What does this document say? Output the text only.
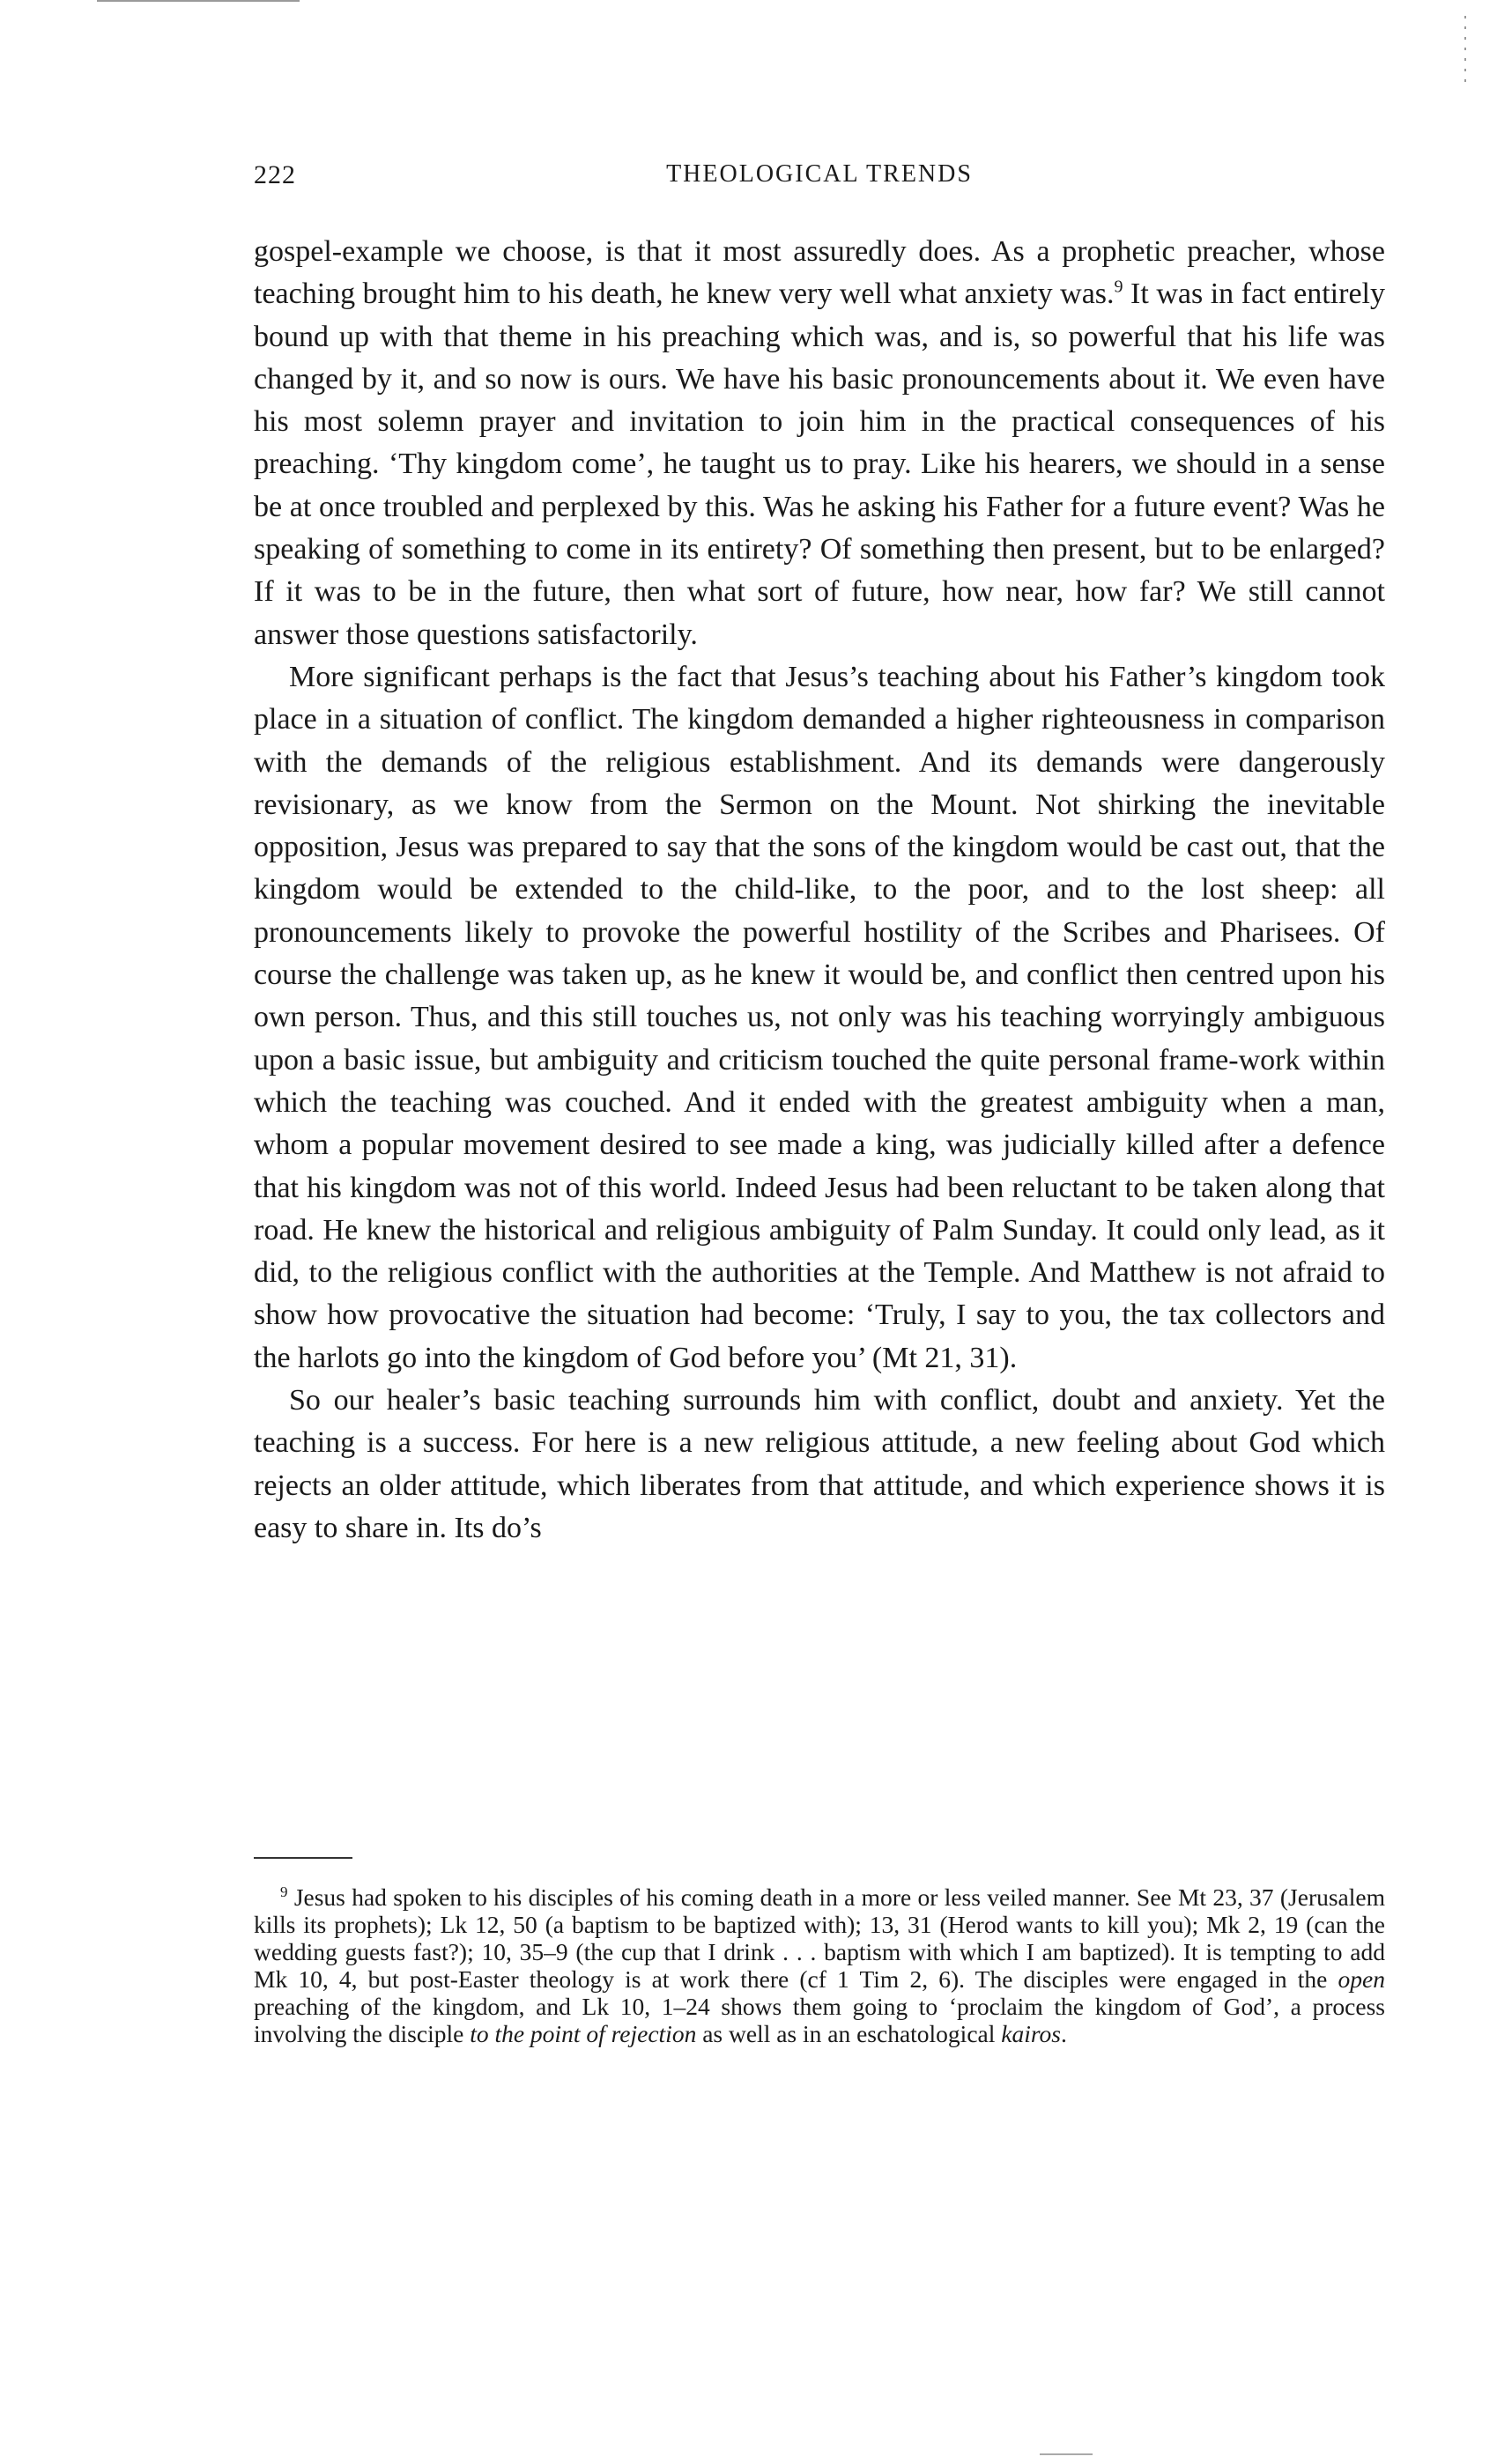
222	THEOLOGICAL TRENDS

gospel-example we choose, is that it most assuredly does. As a prophetic preacher, whose teaching brought him to his death, he knew very well what anxiety was.$^9$ It was in fact entirely bound up with that theme in his preaching which was, and is, so powerful that his life was changed by it, and so now is ours. We have his basic pronouncements about it. We even have his most solemn prayer and invitation to join him in the practical consequences of his preaching. ‘Thy kingdom come’, he taught us to pray. Like his hearers, we should in a sense be at once troubled and perplexed by this. Was he asking his Father for a future event? Was he speaking of something to come in its entirety? Of something then present, but to be enlarged? If it was to be in the future, then what sort of future, how near, how far? We still cannot answer those questions satisfactorily.

More significant perhaps is the fact that Jesus’s teaching about his Father’s kingdom took place in a situation of conflict. The kingdom demanded a higher righteousness in comparison with the demands of the religious establishment. And its demands were dangerously revisionary, as we know from the Sermon on the Mount. Not shirking the inevitable opposition, Jesus was prepared to say that the sons of the kingdom would be cast out, that the kingdom would be extended to the child-like, to the poor, and to the lost sheep: all pronouncements likely to provoke the powerful hostility of the Scribes and Pharisees. Of course the challenge was taken up, as he knew it would be, and conflict then centred upon his own person. Thus, and this still touches us, not only was his teaching worryingly ambiguous upon a basic issue, but ambiguity and criticism touched the quite personal frame-work within which the teaching was couched. And it ended with the greatest ambiguity when a man, whom a popular movement desired to see made a king, was judicially killed after a defence that his kingdom was not of this world. Indeed Jesus had been reluctant to be taken along that road. He knew the historical and religious ambiguity of Palm Sunday. It could only lead, as it did, to the religious conflict with the authorities at the Temple. And Matthew is not afraid to show how provocative the situation had become: ‘Truly, I say to you, the tax collectors and the harlots go into the kingdom of God before you’ (Mt 21, 31).

So our healer’s basic teaching surrounds him with conflict, doubt and anxiety. Yet the teaching is a success. For here is a new religious attitude, a new feeling about God which rejects an older attitude, which liberates from that attitude, and which experience shows it is easy to share in. Its do’s

$^9$ Jesus had spoken to his disciples of his coming death in a more or less veiled manner. See Mt 23, 37 (Jerusalem kills its prophets); Lk 12, 50 (a baptism to be baptized with); 13, 31 (Herod wants to kill you); Mk 2, 19 (can the wedding guests fast?); 10, 35–9 (the cup that I drink . . . baptism with which I am baptized). It is tempting to add Mk 10, 4, but post-Easter theology is at work there (cf 1 Tim 2, 6). The disciples were engaged in the open preaching of the kingdom, and Lk 10, 1–24 shows them going to ‘proclaim the kingdom of God’, a process involving the disciple to the point of rejection as well as in an eschatological kairos.
